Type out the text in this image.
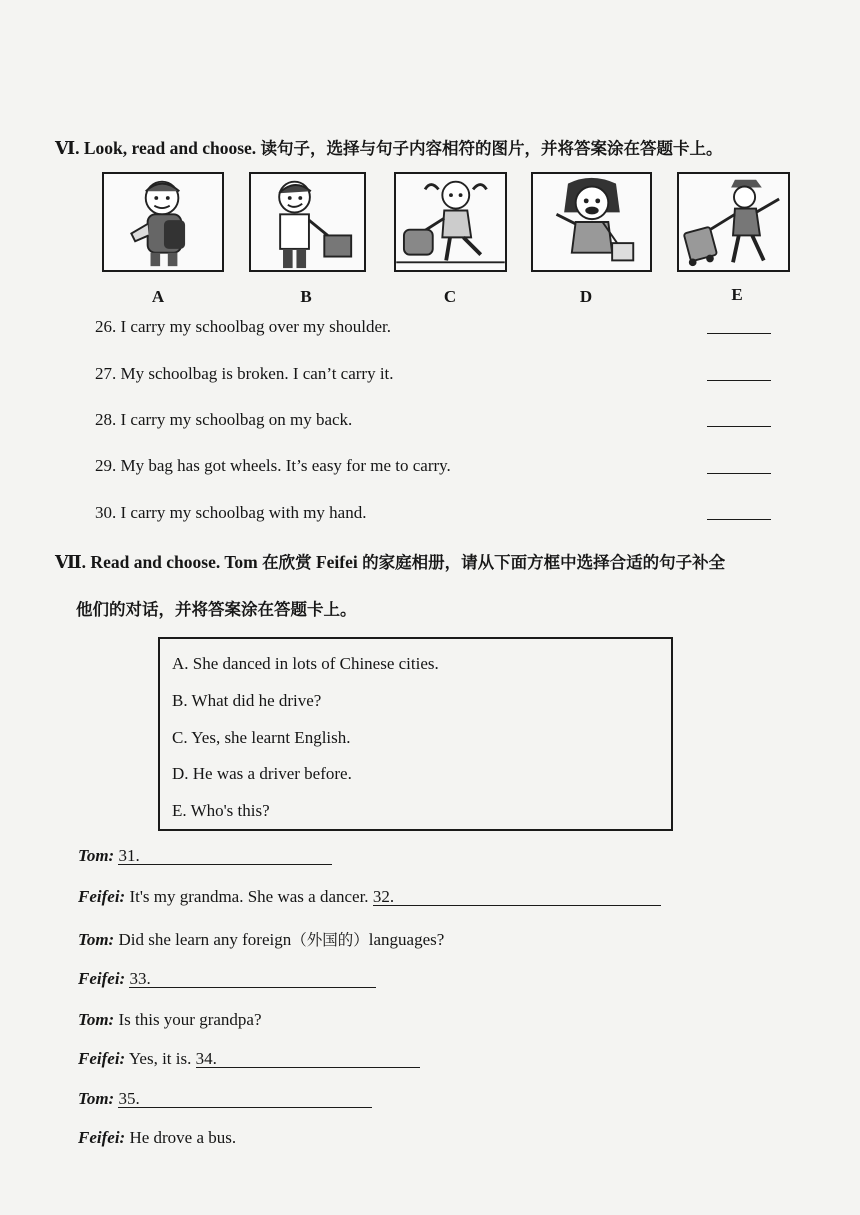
Ⅵ. Look, read and choose. 读句子，选择与句子内容相符的图片，并将答案涂在答题卡上。
A	B	C	D	E
26. I carry my schoolbag over my shoulder.
27. My schoolbag is broken. I can’t carry it.
28. I carry my schoolbag on my back.
29. My bag has got wheels. It’s easy for me to carry.
30. I carry my schoolbag with my hand.
Ⅶ. Read and choose. Tom 在欣赏 Feifei 的家庭相册，请从下面方框中选择合适的句子补全
他们的对话，并将答案涂在答题卡上。
A. She danced in lots of Chinese cities.
B. What did he drive?
C. Yes, she learnt English.
D. He was a driver before.
E. Who's this?
Tom: 31.
Feifei: It's my grandma. She was a dancer. 32.
Tom: Did she learn any foreign（外国的）languages?
Feifei: 33.
Tom: Is this your grandpa?
Feifei: Yes, it is. 34.
Tom: 35.
Feifei: He drove a bus.
